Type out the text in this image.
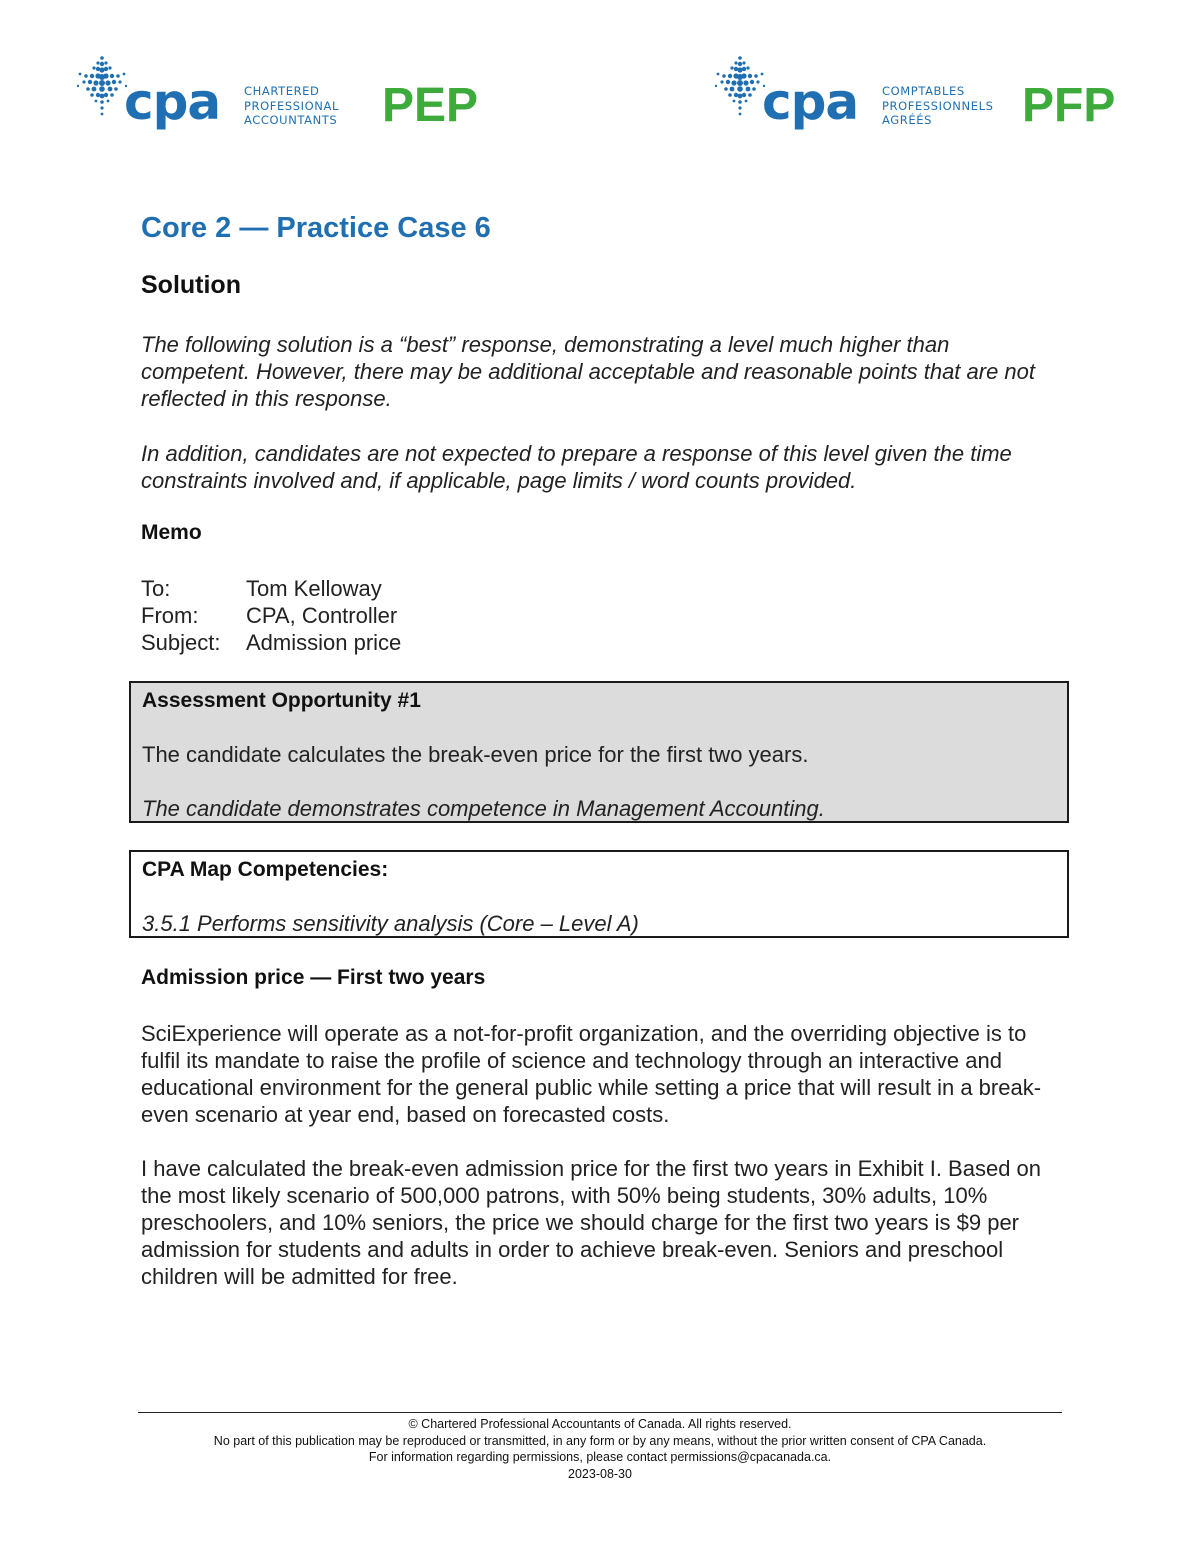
cpa CHARTERED
PROFESSIONAL
ACCOUNTANTS PEP	cpa COMPTABLES
PROFESSIONNELS
AGRÉÉS	PFP
Core 2 — Practice Case 6
Solution
The following solution is a “best” response, demonstrating a level much higher than competent. However, there may be additional acceptable and reasonable points that are not reflected in this response.
In addition, candidates are not expected to prepare a response of this level given the time constraints involved and, if applicable, page limits / word counts provided.
Memo
To:	Tom Kelloway
From:	CPA, Controller
Subject:	Admission price
Admission price — First two years
SciExperience will operate as a not-for-profit organization, and the overriding objective is to fulfil its mandate to raise the profile of science and technology through an interactive and educational environment for the general public while setting a price that will result in a break-even scenario at year end, based on forecasted costs.
I have calculated the break-even admission price for the first two years in Exhibit I. Based on the most likely scenario of 500,000 patrons, with 50% being students, 30% adults, 10% preschoolers, and 10% seniors, the price we should charge for the first two years is $9 per admission for students and adults in order to achieve break-even. Seniors and preschool children will be admitted for free.
Assessment Opportunity #1
The candidate calculates the break-even price for the first two years.
The candidate demonstrates competence in Management Accounting.
CPA Map Competencies:
3.5.1 Performs sensitivity analysis (Core – Level A)
© Chartered Professional Accountants of Canada. All rights reserved.
No part of this publication may be reproduced or transmitted, in any form or by any means, without the prior written consent of CPA Canada.
For information regarding permissions, please contact permissions@cpacanada.ca.
2023-08-30
